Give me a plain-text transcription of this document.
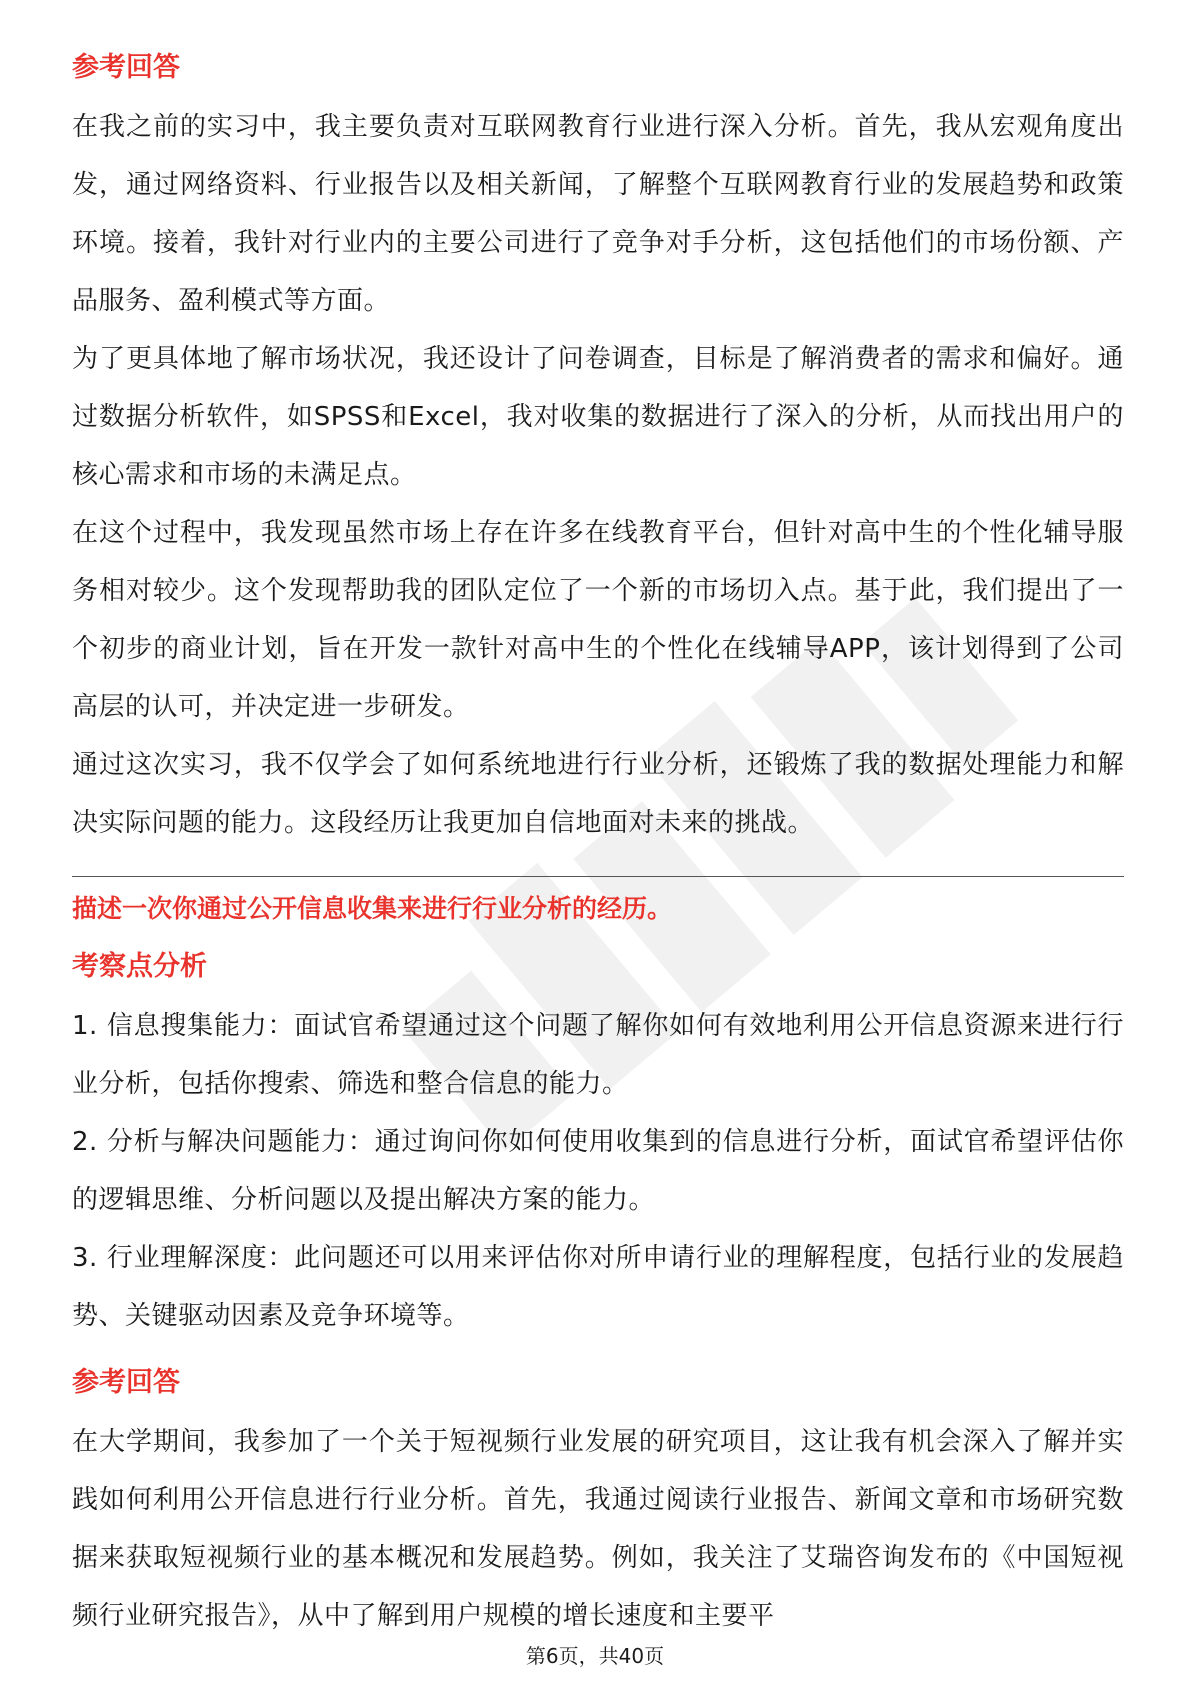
参考回答

在我之前的实习中，我主要负责对互联网教育行业进行深入分析。首先，我从宏观角度出发，通过网络资料、行业报告以及相关新闻，了解整个互联网教育行业的发展趋势和政策环境。接着，我针对行业内的主要公司进行了竞争对手分析，这包括他们的市场份额、产品服务、盈利模式等方面。

为了更具体地了解市场状况，我还设计了问卷调查，目标是了解消费者的需求和偏好。通过数据分析软件，如SPSS和Excel，我对收集的数据进行了深入的分析，从而找出用户的核心需求和市场的未满足点。

在这个过程中，我发现虽然市场上存在许多在线教育平台，但针对高中生的个性化辅导服务相对较少。这个发现帮助我的团队定位了一个新的市场切入点。基于此，我们提出了一个初步的商业计划，旨在开发一款针对高中生的个性化在线辅导APP，该计划得到了公司高层的认可，并决定进一步研发。

通过这次实习，我不仅学会了如何系统地进行行业分析，还锻炼了我的数据处理能力和解决实际问题的能力。这段经历让我更加自信地面对未来的挑战。

描述一次你通过公开信息收集来进行行业分析的经历。

考察点分析

1. 信息搜集能力：面试官希望通过这个问题了解你如何有效地利用公开信息资源来进行行业分析，包括你搜索、筛选和整合信息的能力。

2. 分析与解决问题能力：通过询问你如何使用收集到的信息进行分析，面试官希望评估你的逻辑思维、分析问题以及提出解决方案的能力。

3. 行业理解深度：此问题还可以用来评估你对所申请行业的理解程度，包括行业的发展趋势、关键驱动因素及竞争环境等。

参考回答

在大学期间，我参加了一个关于短视频行业发展的研究项目，这让我有机会深入了解并实践如何利用公开信息进行行业分析。首先，我通过阅读行业报告、新闻文章和市场研究数据来获取短视频行业的基本概况和发展趋势。例如，我关注了艾瑞咨询发布的《中国短视频行业研究报告》，从中了解到用户规模的增长速度和主要平

第6页，共40页
